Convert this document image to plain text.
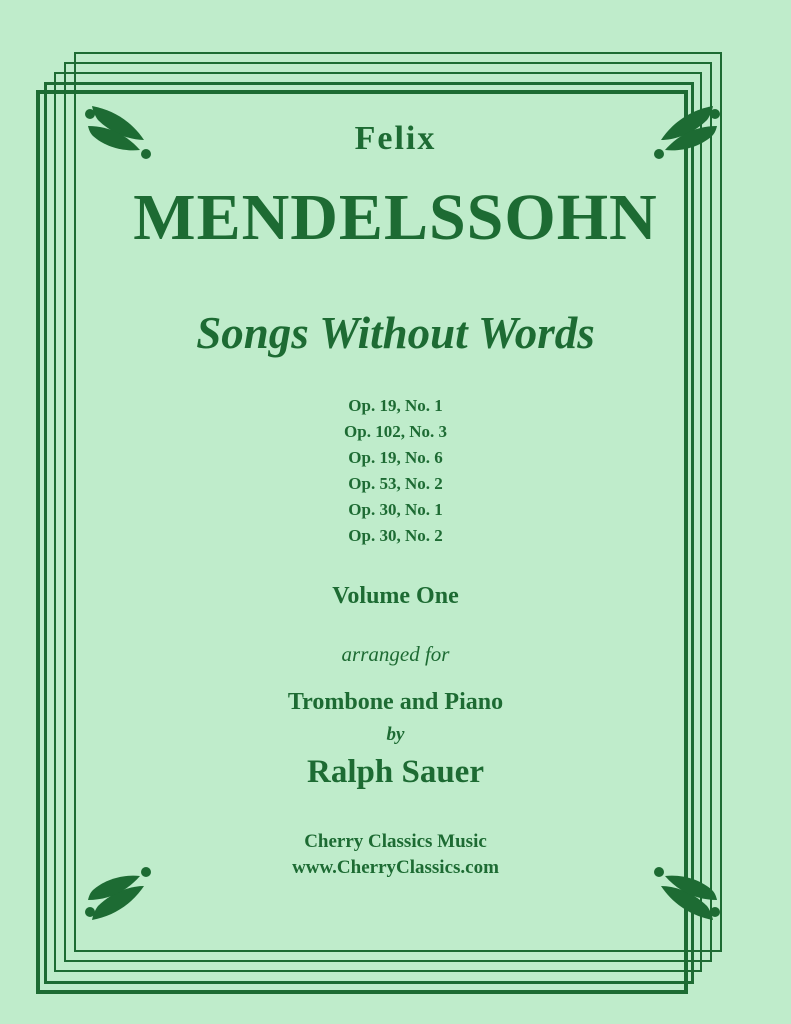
Felix

MENDELSSOHN

Songs Without Words

Op. 19, No. 1
Op. 102, No. 3
Op. 19, No. 6
Op. 53, No. 2
Op. 30, No. 1
Op. 30, No. 2

Volume One

arranged for

Trombone and Piano

by

Ralph Sauer

Cherry Classics Music

www.CherryClassics.com
